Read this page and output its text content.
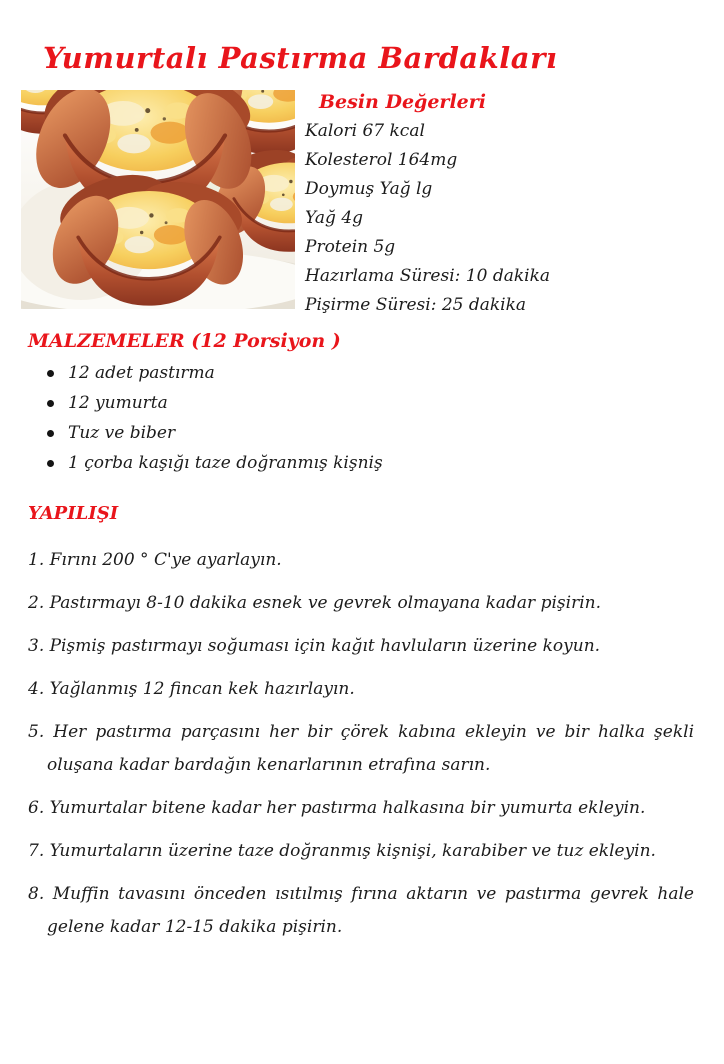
Yumurtalı Pastırma Bardakları
Besin Değerleri
Kalori 67 kcal
Kolesterol 164mg
Doymuş Yağ lg
Yağ 4g
Protein 5g
Hazırlama Süresi: 10 dakika
Pişirme Süresi: 25 dakika
MALZEMELER (12 Porsiyon )
12 adet pastırma
12 yumurta
Tuz ve biber
1 çorba kaşığı taze doğranmış kişniş
YAPILIŞI

1. Fırını 200 ° C'ye ayarlayın.

2. Pastırmayı 8-10 dakika esnek ve gevrek olmayana kadar pişirin.

3. Pişmiş pastırmayı soğuması için kağıt havluların üzerine koyun.

4. Yağlanmış 12 fincan kek hazırlayın.

5. Her pastırma parçasını her bir çörek kabına ekleyin ve bir halka şekli oluşana kadar bardağın kenarlarının etrafına sarın.

6. Yumurtalar bitene kadar her pastırma halkasına bir yumurta ekleyin.

7. Yumurtaların üzerine taze doğranmış kişnişi, karabiber ve tuz ekleyin.

8. Muffin tavasını önceden ısıtılmış fırına aktarın ve pastırma gevrek hale gelene kadar 12-15 dakika pişirin.
